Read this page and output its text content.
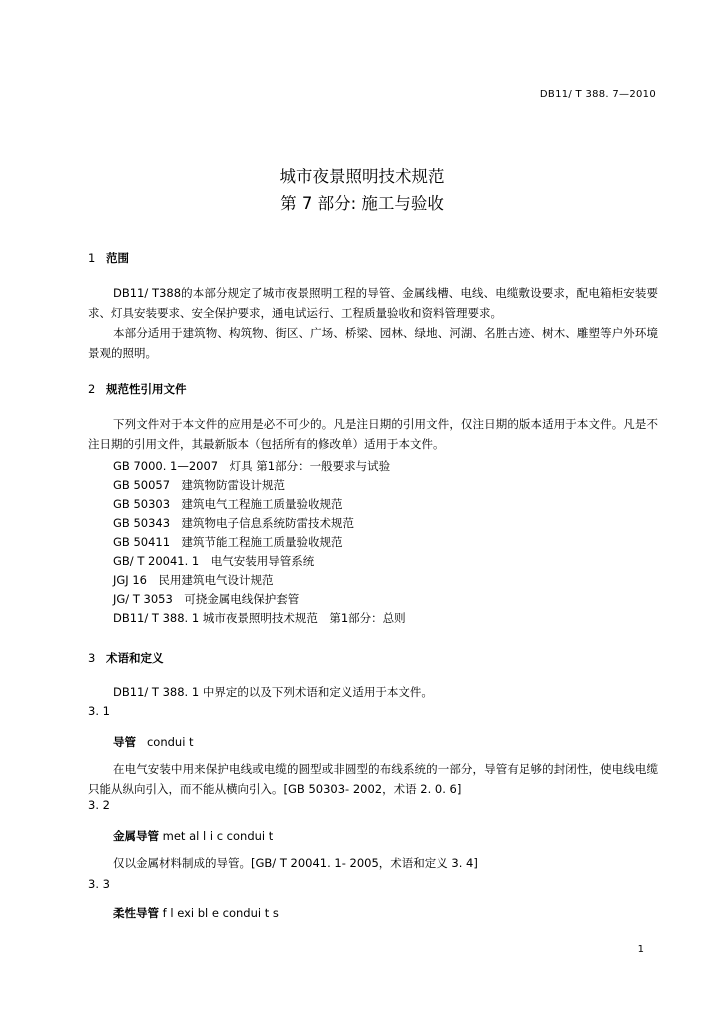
DB11/ T 388. 7—2010
城市夜景照明技术规范
第 7 部分: 施工与验收
1 范围
DB11/ T388的本部分规定了城市夜景照明工程的导管、金属线槽、电线、电缆敷设要求，配电箱柜安装要求、灯具安装要求、安全保护要求，通电试运行、工程质量验收和资料管理要求。
本部分适用于建筑物、构筑物、街区、广场、桥梁、园林、绿地、河湖、名胜古迹、树木、雕塑等户外环境景观的照明。
2 规范性引用文件
下列文件对于本文件的应用是必不可少的。凡是注日期的引用文件，仅注日期的版本适用于本文件。凡是不注日期的引用文件，其最新版本（包括所有的修改单）适用于本文件。
GB 7000. 1—2007　灯具 第1部分：一般要求与试验
GB 50057　建筑物防雷设计规范
GB 50303　建筑电气工程施工质量验收规范
GB 50343　建筑物电子信息系统防雷技术规范
GB 50411　建筑节能工程施工质量验收规范
GB/ T 20041. 1　电气安装用导管系统
JGJ 16　民用建筑电气设计规范
JG/ T 3053　可挠金属电线保护套管
DB11/ T 388. 1 城市夜景照明技术规范　第1部分：总则
3 术语和定义
DB11/ T 388. 1 中界定的以及下列术语和定义适用于本文件。
3. 1
导管 condui t
在电气安装中用来保护电线或电缆的圆型或非圆型的布线系统的一部分，导管有足够的封闭性，使电线电缆只能从纵向引入，而不能从横向引入。[GB 50303- 2002，术语 2. 0. 6]
3. 2
金属导管 met al l i c condui t
仅以金属材料制成的导管。[GB/ T 20041. 1- 2005，术语和定义 3. 4]
3. 3
柔性导管 f l exi bl e condui t s
1
